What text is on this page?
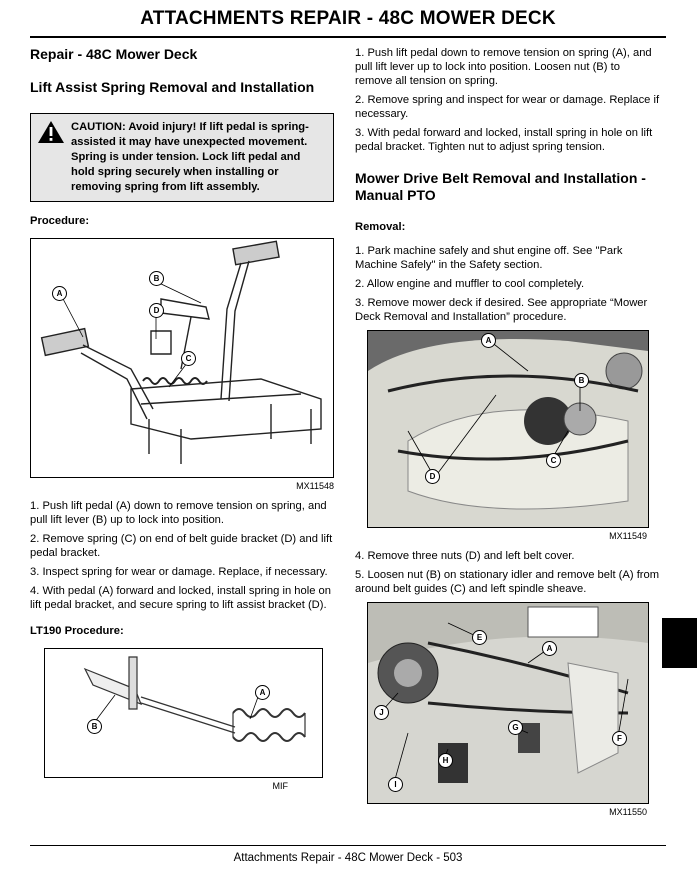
ATTACHMENTS REPAIR - 48C MOWER DECK
Repair - 48C Mower Deck
Lift Assist Spring Removal and Installation
CAUTION: Avoid injury! If lift pedal is spring-assisted it may have unexpected movement. Spring is under tension. Lock lift pedal and hold spring securely when installing or removing spring from lift assembly.
Procedure:
A
B
D
C
MX11548

1. Push lift pedal (A) down to remove tension on spring, and pull lift lever (B) up to lock into position.

2. Remove spring (C) on end of belt guide bracket (D) and lift pedal bracket.

3. Inspect spring for wear or damage. Replace, if necessary.

4. With pedal (A) forward and locked, install spring in hole on lift pedal bracket, and secure spring to lift assist bracket (D).

LT190 Procedure:
A
B
MIF

1. Push lift pedal down to remove tension on spring (A), and pull lift lever up to lock into position. Loosen nut (B) to remove all tension on spring.

2. Remove spring and inspect for wear or damage. Replace if necessary.

3. With pedal forward and locked, install spring in hole on lift pedal bracket. Tighten nut to adjust spring tension.

Mower Drive Belt Removal and Installation - Manual PTO
Removal:

1. Park machine safely and shut engine off. See "Park Machine Safely" in the Safety section.

2. Allow engine and muffler to cool completely.

3. Remove mower deck if desired. See appropriate “Mower Deck Removal and Installation” procedure.

A
B
C
D
MX11549

4. Remove three nuts (D) and left belt cover.

5. Loosen nut (B) on stationary idler and remove belt (A) from around belt guides (C) and left spindle sheave.

E
A
J
G
F
H
I
MX11550
Attachments Repair - 48C Mower Deck - 503
